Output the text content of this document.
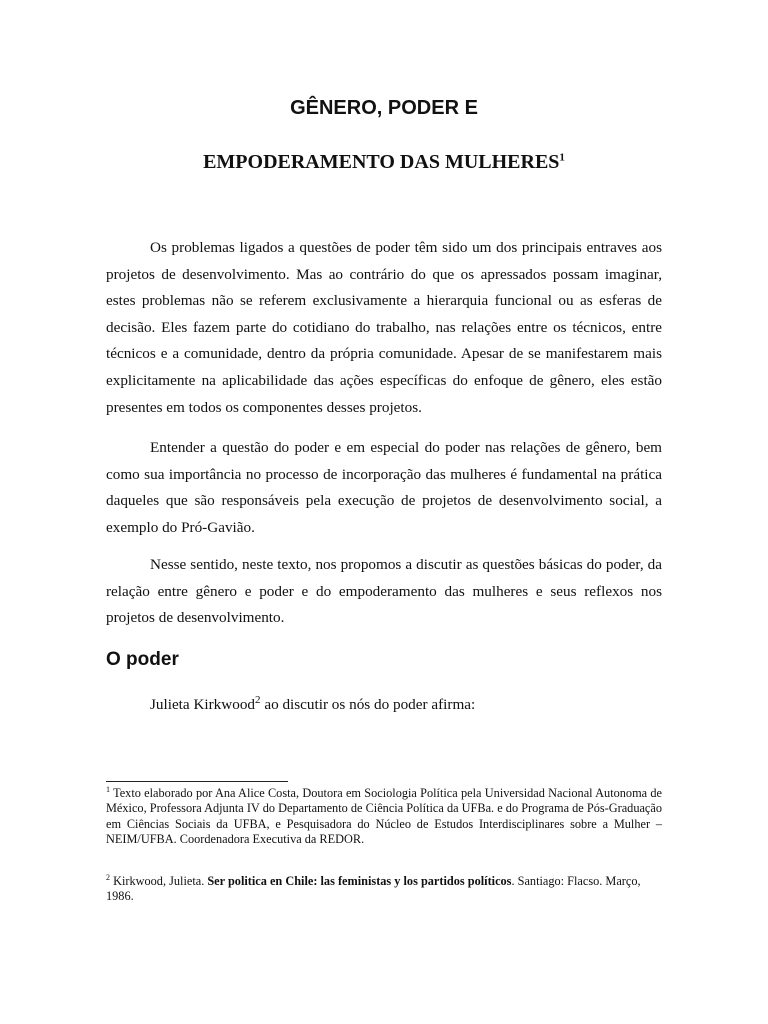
GÊNERO, PODER E
EMPODERAMENTO DAS MULHERES$^1$

Os problemas ligados a questões de poder têm sido um dos principais entraves aos projetos de desenvolvimento. Mas ao contrário do que os apressados possam imaginar, estes problemas não se referem exclusivamente a hierarquia funcional ou as esferas de decisão. Eles fazem parte do cotidiano do trabalho, nas relações entre os técnicos, entre técnicos e a comunidade, dentro da própria comunidade. Apesar de se manifestarem mais explicitamente na aplicabilidade das ações específicas do enfoque de gênero, eles estão presentes em todos os componentes desses projetos.

Entender a questão do poder e em especial do poder nas relações de gênero, bem como sua importância no processo de incorporação das mulheres é fundamental na prática daqueles que são responsáveis pela execução de projetos de desenvolvimento social, a exemplo do Pró-Gavião.

Nesse sentido, neste texto, nos propomos a discutir as questões básicas do poder, da relação entre gênero e poder e do empoderamento das mulheres e seus reflexos nos projetos de desenvolvimento.

O poder
Julieta Kirkwood$^2$ ao discutir os nós do poder afirma:

$^1$ Texto elaborado por Ana Alice Costa, Doutora em Sociologia Política pela Universidad Nacional Autonoma de México, Professora Adjunta IV do Departamento de Ciência Política da UFBa. e do Programa de Pós-Graduação em Ciências Sociais da UFBA, e Pesquisadora do Núcleo de Estudos Interdisciplinares sobre a Mulher – NEIM/UFBA. Coordenadora Executiva da REDOR.

$^2$ Kirkwood, Julieta. Ser politica en Chile: las feministas y los partidos políticos. Santiago: Flacso. Março, 1986.
